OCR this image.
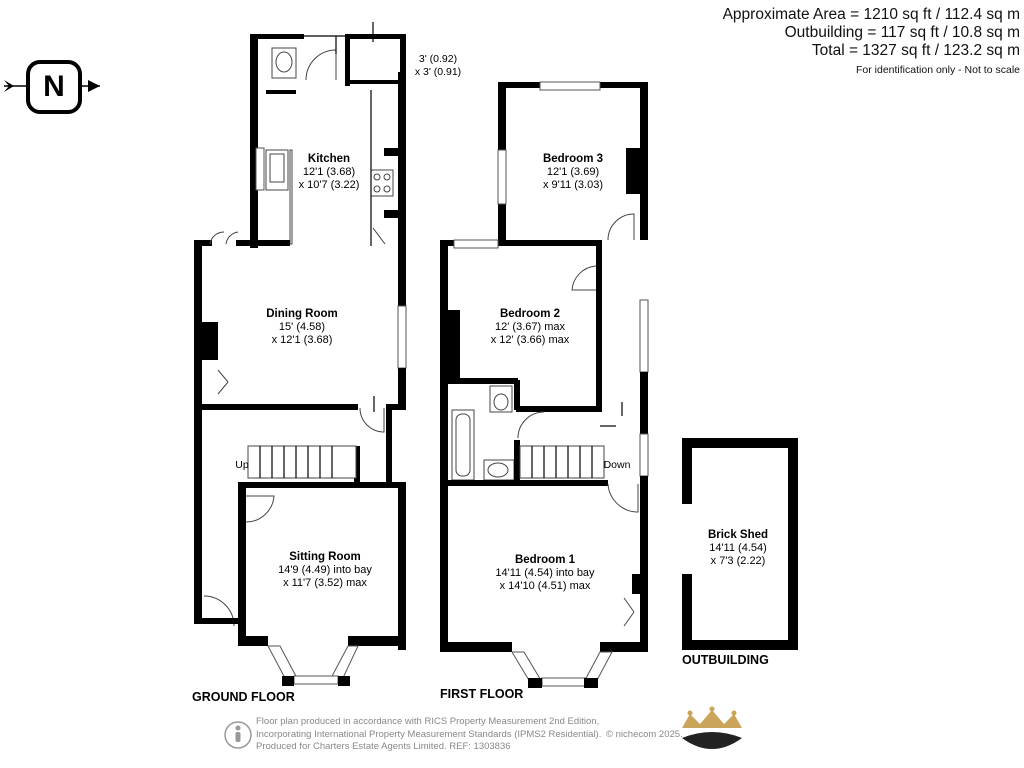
Approximate Area = 1210 sq ft / 112.4 sq m
Outbuilding = 117 sq ft / 10.8 sq m
Total = 1327 sq ft / 123.2 sq m
For identification only - Not to scale
N
Kitchen
12'1 (3.68)
x 10'7 (3.22)
3' (0.92)
x 3' (0.91)
Dining Room
15' (4.58)
x 12'1 (3.68)
Up
Sitting Room
14'9 (4.49) into bay
x 11'7 (3.52) max
Bedroom 3
12'1 (3.69)
x 9'11 (3.03)
Bedroom 2
12' (3.67) max
x 12' (3.66) max
Down
Bedroom 1
14'11 (4.54) into bay
x 14'10 (4.51) max
Brick Shed
14'11 (4.54)
x 7'3 (2.22)
GROUND FLOOR	FIRST FLOOR
OUTBUILDING
Floor plan produced in accordance with RICS Property Measurement 2nd Edition,
Incorporating International Property Measurement Standards (IPMS2 Residential).
Produced for Charters Estate Agents Limited. REF: 1303836
© nichecom 2025.
